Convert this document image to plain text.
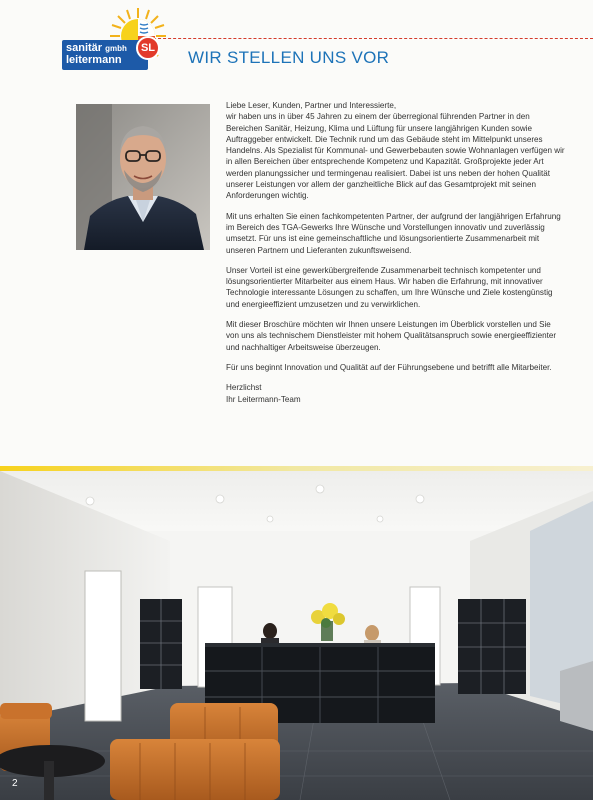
sanitär gmbh
leitermann
SL WIR STELLEN UNS VOR

Liebe Leser, Kunden, Partner und Interessierte,
wir haben uns in über 45 Jahren zu einem der überregional führenden Partner in den Bereichen Sanitär, Heizung, Klima und Lüftung für unsere langjährigen Kunden sowie Auftraggeber entwickelt. Die Technik rund um das Gebäude steht im Mittelpunkt unseres Handelns. Als Spezialist für Kommunal- und Gewerbebauten sowie Wohnanlagen verfügen wir in allen Bereichen über entsprechende Kompetenz und Kapazität. Großprojekte jeder Art werden planungssicher und termingenau realisiert. Dabei ist uns neben der hohen Qualität unserer Leistungen vor allem der ganzheitliche Blick auf das Gesamtprojekt mit seinen Anforderungen wichtig.

Mit uns erhalten Sie einen fachkompetenten Partner, der aufgrund der langjährigen Erfahrung im Bereich des TGA-Gewerks Ihre Wünsche und Vorstellungen innovativ und zuverlässig umsetzt. Für uns ist eine gemeinschaftliche und lösungsorientierte Zusammenarbeit mit unseren Partnern und Lieferanten zukunftsweisend.

Unser Vorteil ist eine gewerkübergreifende Zusammenarbeit technisch kompetenter und lösungsorientierter Mitarbeiter aus einem Haus. Wir haben die Erfahrung, mit innovativer Technologie interessante Lösungen zu schaffen, um Ihre Wünsche und Ziele kostengünstig und energieeffizient umzusetzen und zu verwirklichen.

Mit dieser Broschüre möchten wir Ihnen unsere Leistungen im Überblick vorstellen und Sie von uns als technischem Dienstleister mit hohem Qualitätsanspruch sowie energieeffizienter und nachhaltiger Arbeitsweise überzeugen.

Für uns beginnt Innovation und Qualität auf der Führungsebene und betrifft alle Mitarbeiter.

Herzlichst
Ihr Leitermann-Team

2
